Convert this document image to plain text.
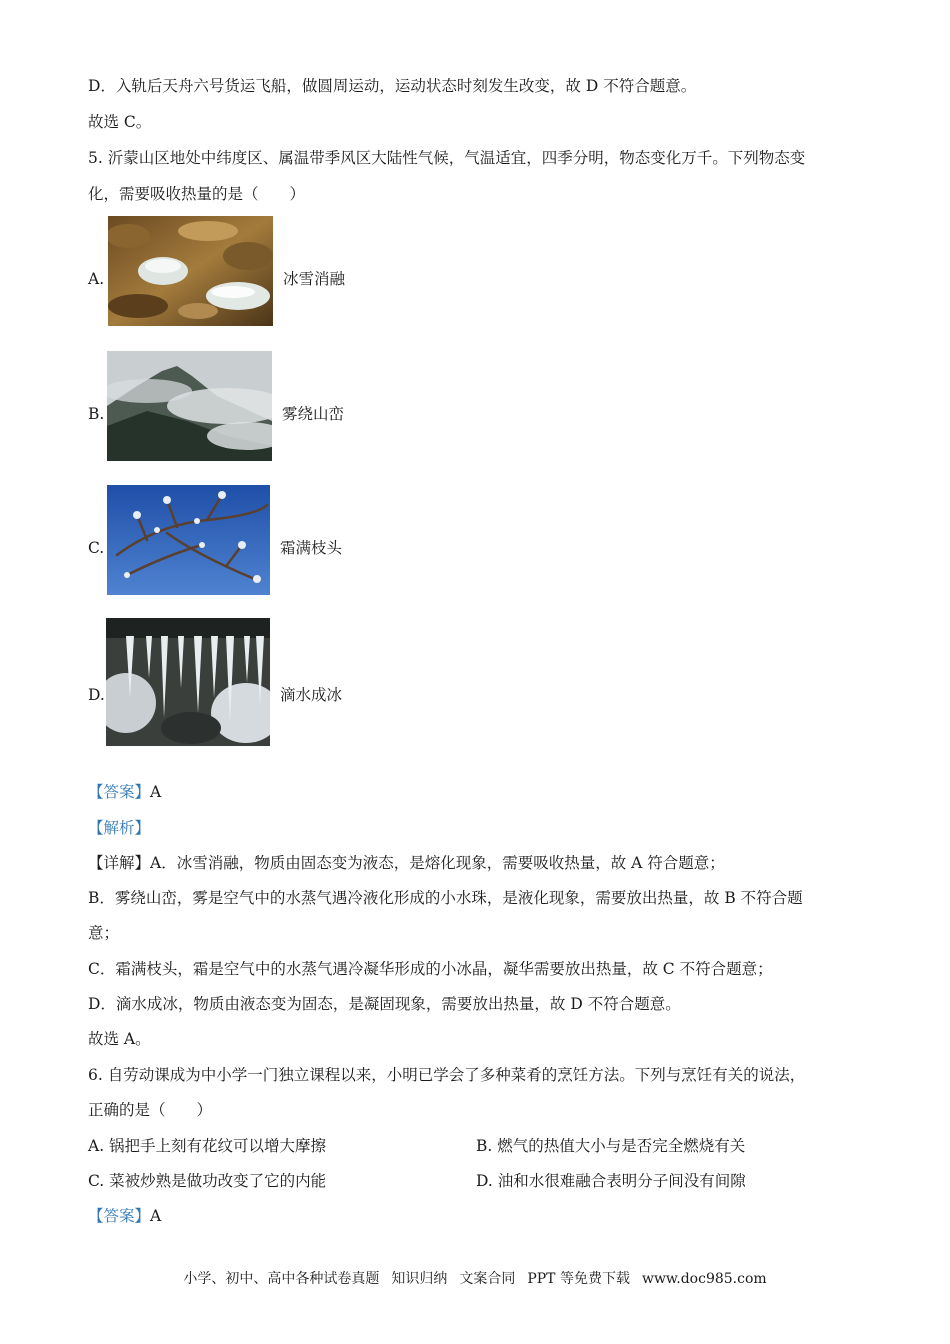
D．入轨后天舟六号货运飞船，做圆周运动，运动状态时刻发生改变，故 D 不符合题意。
故选 C。
5. 沂蒙山区地处中纬度区、属温带季风区大陆性气候，气温适宜，四季分明，物态变化万千。下列物态变
化，需要吸收热量的是（　　）
A.	冰雪消融
B.	雾绕山峦
C.	霜满枝头
D.	滴水成冰
【答案】A
【解析】
【详解】A．冰雪消融，物质由固态变为液态，是熔化现象，需要吸收热量，故 A 符合题意；
B．雾绕山峦，雾是空气中的水蒸气遇冷液化形成的小水珠，是液化现象，需要放出热量，故 B 不符合题
意；
C．霜满枝头，霜是空气中的水蒸气遇冷凝华形成的小冰晶，凝华需要放出热量，故 C 不符合题意；
D．滴水成冰，物质由液态变为固态，是凝固现象，需要放出热量，故 D 不符合题意。
故选 A。
6. 自劳动课成为中小学一门独立课程以来，小明已学会了多种菜肴的烹饪方法。下列与烹饪有关的说法，
正确的是（　　）
A. 锅把手上刻有花纹可以增大摩擦	B. 燃气的热值大小与是否完全燃烧有关
C. 菜被炒熟是做功改变了它的内能	D. 油和水很难融合表明分子间没有间隙
【答案】A
小学、初中、高中各种试卷真题 知识归纳 文案合同 PPT 等免费下载 www.doc985.com
